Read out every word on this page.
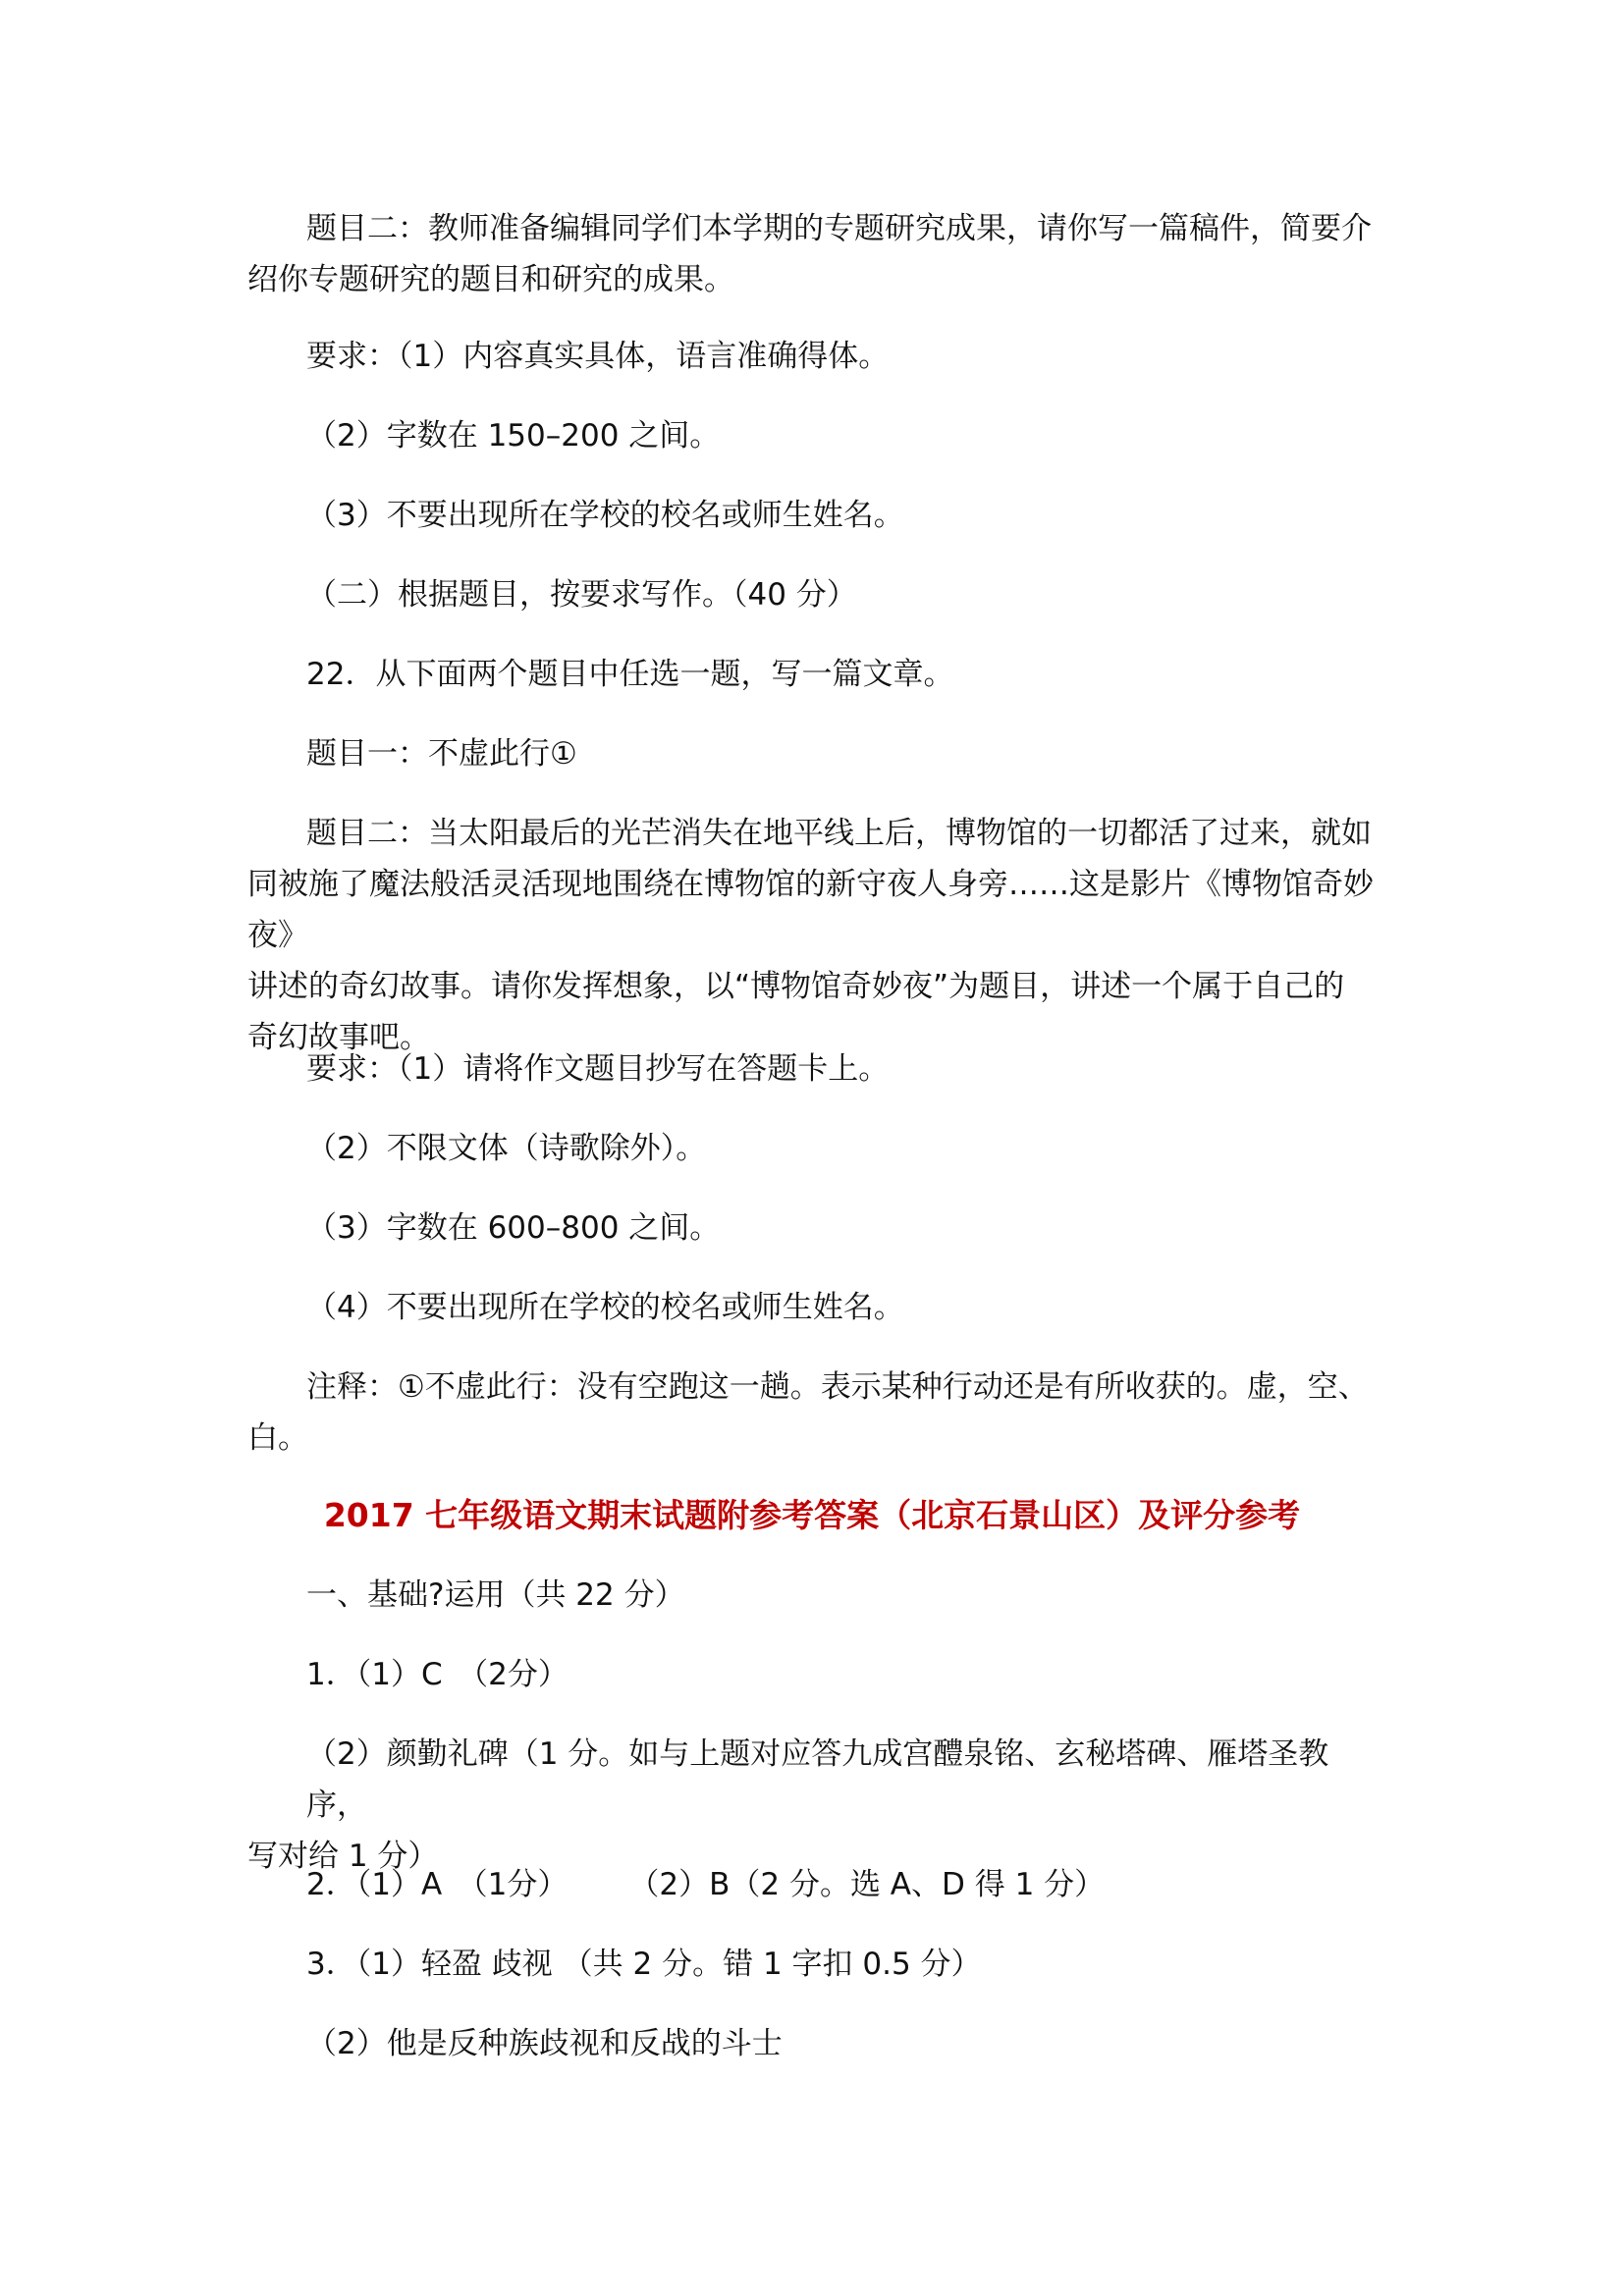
题目二：教师准备编辑同学们本学期的专题研究成果，请你写一篇稿件，简要介
绍你专题研究的题目和研究的成果。
要求：（1）内容真实具体，语言准确得体。
（2）字数在 150–200 之间。
（3）不要出现所在学校的校名或师生姓名。
（二）根据题目，按要求写作。（40 分）
22．从下面两个题目中任选一题，写一篇文章。
题目一：不虚此行①
题目二：当太阳最后的光芒消失在地平线上后，博物馆的一切都活了过来，就如
同被施了魔法般活灵活现地围绕在博物馆的新守夜人身旁……这是影片《博物馆奇妙夜》
讲述的奇幻故事。请你发挥想象，以“博物馆奇妙夜”为题目，讲述一个属于自己的
奇幻故事吧。
要求：（1）请将作文题目抄写在答题卡上。
（2）不限文体（诗歌除外）。
（3）字数在 600–800 之间。
（4）不要出现所在学校的校名或师生姓名。
注释：①不虚此行：没有空跑这一趟。表示某种行动还是有所收获的。虚，空、
白。
2017 七年级语文期末试题附参考答案（北京石景山区）及评分参考
一、基础?运用（共 22 分）
1．（1）C　（2分）
（2）颜勤礼碑（1 分。如与上题对应答九成宫醴泉铭、玄秘塔碑、雁塔圣教序，
写对给 1 分）
2．（1）A　（1分）　　　（2）B（2 分。选 A、D 得 1 分）
3．（1）轻盈 歧视 （共 2 分。错 1 字扣 0.5 分）
（2）他是反种族歧视和反战的斗士
